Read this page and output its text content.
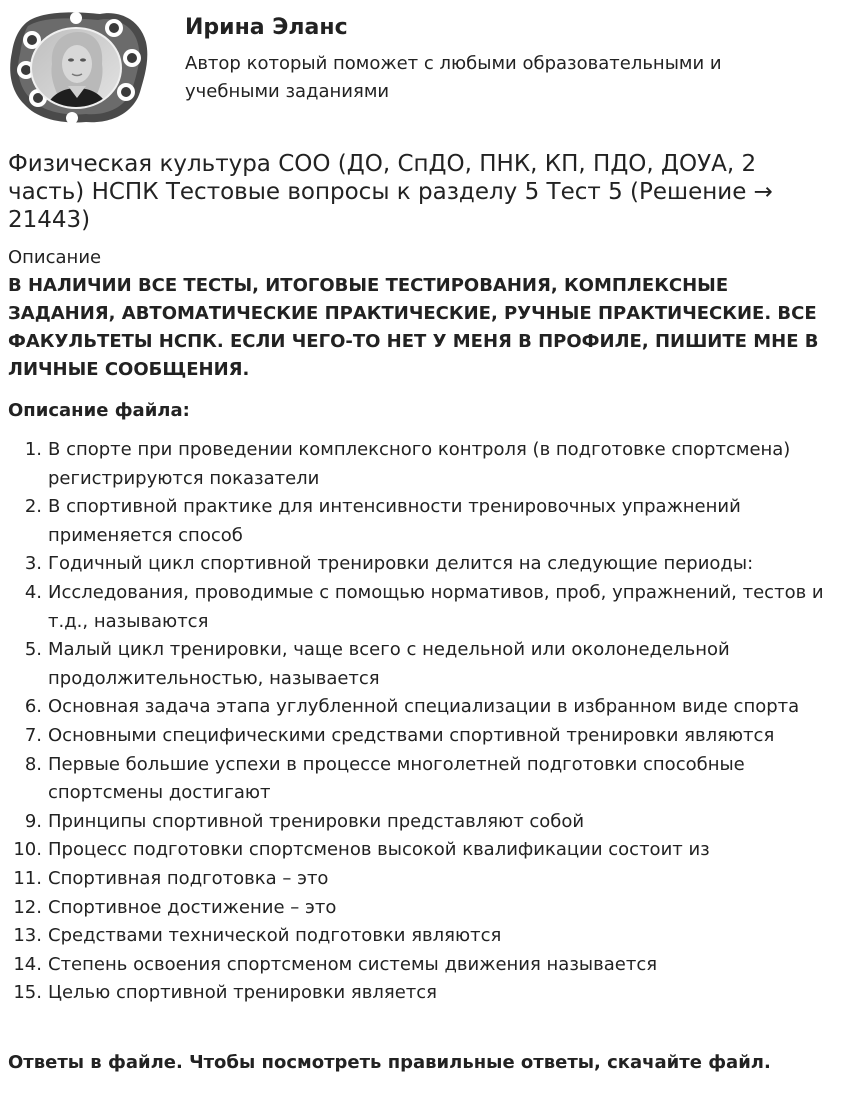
Ирина Эланс
Автор который поможет с любыми образовательными и учебными заданиями
Физическая культура СОО (ДО, СпДО, ПНК, КП, ПДО, ДОУА, 2 часть) НСПК Тестовые вопросы к разделу 5 Тест 5 (Решение → 21443)
Описание

В НАЛИЧИИ ВСЕ ТЕСТЫ, ИТОГОВЫЕ ТЕСТИРОВАНИЯ, КОМПЛЕКСНЫЕ ЗАДАНИЯ, АВТОМАТИЧЕСКИЕ ПРАКТИЧЕСКИЕ, РУЧНЫЕ ПРАКТИЧЕСКИЕ. ВСЕ ФАКУЛЬТЕТЫ НСПК. ЕСЛИ ЧЕГО-ТО НЕТ У МЕНЯ В ПРОФИЛЕ, ПИШИТЕ МНЕ В ЛИЧНЫЕ СООБЩЕНИЯ.

Описание файла:
1. В спорте при проведении комплексного контроля (в подготовке спортсмена) регистрируются показатели
2. В спортивной практике для интенсивности тренировочных упражнений применяется способ
3. Годичный цикл спортивной тренировки делится на следующие периоды:
4. Исследования, проводимые с помощью нормативов, проб, упражнений, тестов и т.д., называются
5. Малый цикл тренировки, чаще всего с недельной или околонедельной продолжительностью, называется
6. Основная задача этапа углубленной специализации в избранном виде спорта
7. Основными специфическими средствами спортивной тренировки являются
8. Первые большие успехи в процессе многолетней подготовки способные спортсмены достигают
9. Принципы спортивной тренировки представляют собой
10. Процесс подготовки спортсменов высокой квалификации состоит из
11. Спортивная подготовка – это
12. Спортивное достижение – это
13. Средствами технической подготовки являются
14. Степень освоения спортсменом системы движения называется
15. Целью спортивной тренировки является
Ответы в файле. Чтобы посмотреть правильные ответы, скачайте файл.
